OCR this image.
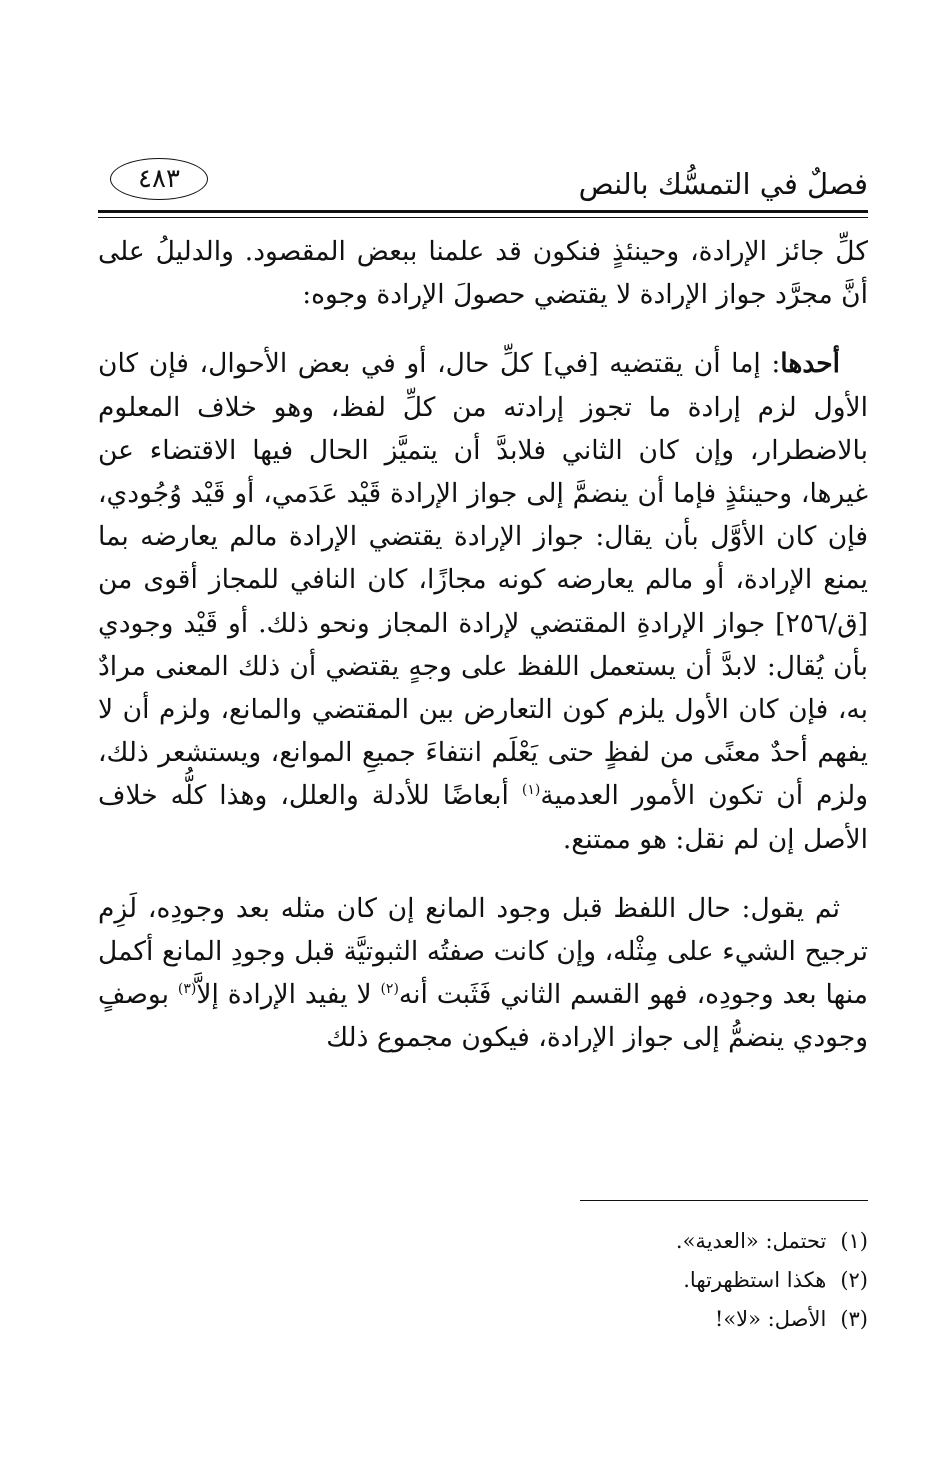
فصلٌ في التمسُّك بالنص
٤٨٣

كلِّ جائز الإرادة، وحينئذٍ فنكون قد علمنا ببعض المقصود. والدليلُ على أنَّ مجرَّد جواز الإرادة لا يقتضي حصولَ الإرادة وجوه:

أحدها: إما أن يقتضيه [في] كلِّ حال، أو في بعض الأحوال، فإن كان الأول لزم إرادة ما تجوز إرادته من كلِّ لفظ، وهو خلاف المعلوم بالاضطرار، وإن كان الثاني فلابدَّ أن يتميَّز الحال فيها الاقتضاء عن غيرها، وحينئذٍ فإما أن ينضمَّ إلى جواز الإرادة قَيْد عَدَمي، أو قَيْد وُجُودي، فإن كان الأوَّل بأن يقال: جواز الإرادة يقتضي الإرادة مالم يعارضه بما يمنع الإرادة، أو مالم يعارضه كونه مجازًا، كان النافي للمجاز أقوى من [ق/٢٥٦] جواز الإرادةِ المقتضي لإرادة المجاز ونحو ذلك. أو قَيْد وجودي بأن يُقال: لابدَّ أن يستعمل اللفظ على وجهٍ يقتضي أن ذلك المعنى مرادٌ به، فإن كان الأول يلزم كون التعارض بين المقتضي والمانع، ولزم أن لا يفهم أحدٌ معنًى من لفظٍ حتى يَعْلَم انتفاءَ جميعِ الموانع، ويستشعر ذلك، ولزم أن تكون الأمور العدمية$^{(١)}$ أبعاضًا للأدلة والعلل، وهذا كلُّه خلاف الأصل إن لم نقل: هو ممتنع.

ثم يقول: حال اللفظ قبل وجود المانع إن كان مثله بعد وجودِه، لَزِم ترجيح الشيء على مِثْله، وإن كانت صفتُه الثبوتيَّة قبل وجودِ المانع أكمل منها بعد وجودِه، فهو القسم الثاني فَثَبت أنه$^{(٢)}$ لا يفيد الإرادة إلاَّ$^{(٣)}$ بوصفٍ وجودي ينضمُّ إلى جواز الإرادة، فيكون مجموع ذلك

(١)تحتمل: «العدية».
(٢)هكذا استظهرتها.
(٣)الأصل: «لا»!
